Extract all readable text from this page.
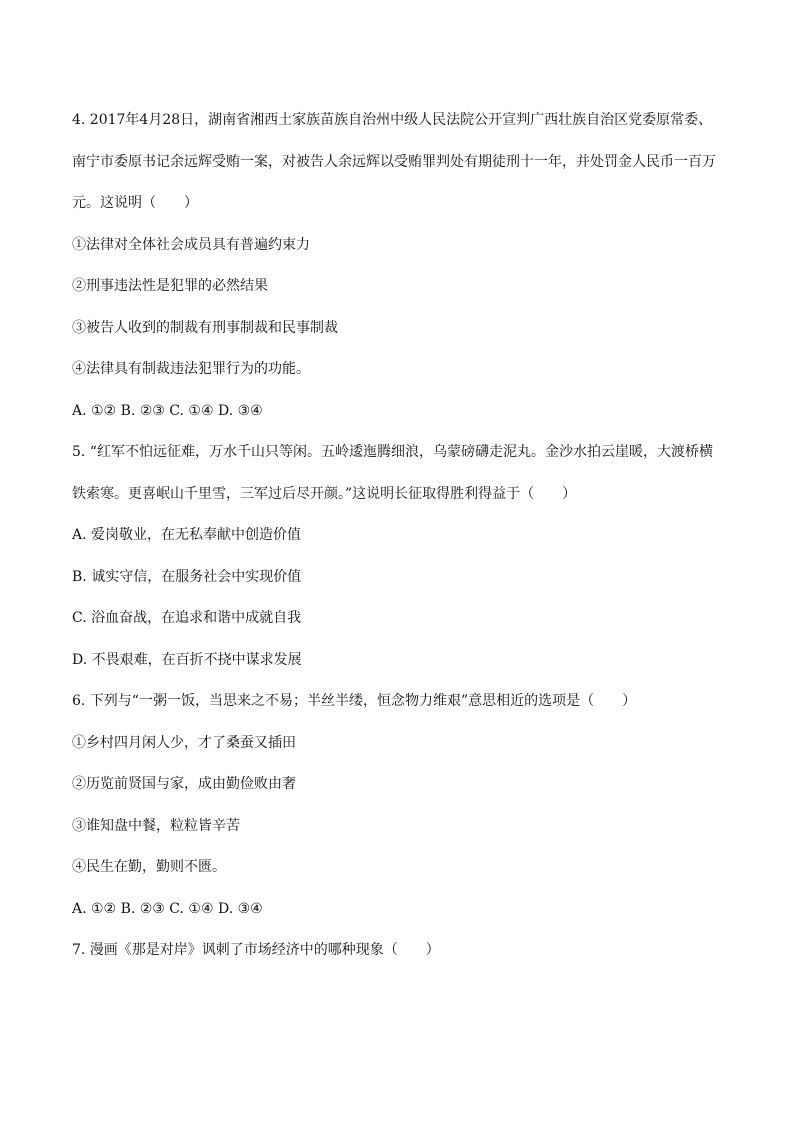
4. 2017年4月28日，湖南省湘西土家族苗族自治州中级人民法院公开宣判广西壮族自治区党委原常委、
南宁市委原书记余远辉受贿一案，对被告人余远辉以受贿罪判处有期徒刑十一年，并处罚金人民币一百万
元。这说明（　　）
①法律对全体社会成员具有普遍约束力
②刑事违法性是犯罪的必然结果
③被告人收到的制裁有刑事制裁和民事制裁
④法律具有制裁违法犯罪行为的功能。
A. ①② B. ②③ C. ①④ D. ③④
5. “红军不怕远征难，万水千山只等闲。五岭逶迤腾细浪，乌蒙磅礴走泥丸。金沙水拍云崖暖，大渡桥横
铁索寒。更喜岷山千里雪，三军过后尽开颜。”这说明长征取得胜利得益于（　　）
A. 爱岗敬业，在无私奉献中创造价值
B. 诚实守信，在服务社会中实现价值
C. 浴血奋战，在追求和谐中成就自我
D. 不畏艰难，在百折不挠中谋求发展
6. 下列与“一粥一饭，当思来之不易；半丝半缕，恒念物力维艰”意思相近的选项是（　　）
①乡村四月闲人少，才了桑蚕又插田
②历览前贤国与家，成由勤俭败由奢
③谁知盘中餐，粒粒皆辛苦
④民生在勤，勤则不匮。
A. ①② B. ②③ C. ①④ D. ③④
7. 漫画《那是对岸》讽刺了市场经济中的哪种现象（　　）
